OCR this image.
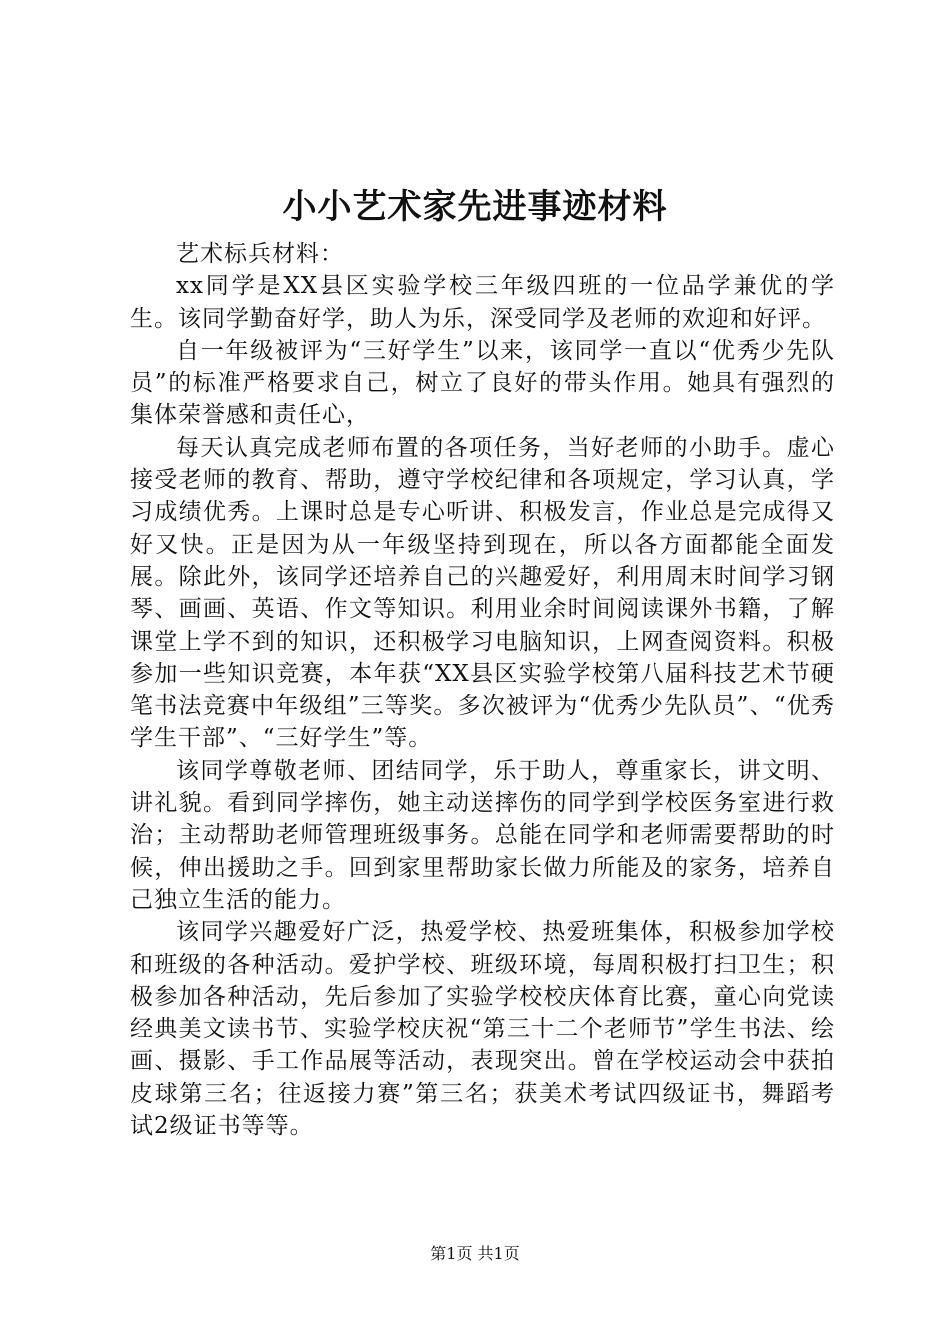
小小艺术家先进事迹材料

艺术标兵材料：

xx同学是XX县区实验学校三年级四班的一位品学兼优的学生。该同学勤奋好学，助人为乐，深受同学及老师的欢迎和好评。

自一年级被评为“三好学生”以来，该同学一直以“优秀少先队员”的标准严格要求自己，树立了良好的带头作用。她具有强烈的集体荣誉感和责任心，

每天认真完成老师布置的各项任务，当好老师的小助手。虚心接受老师的教育、帮助，遵守学校纪律和各项规定，学习认真，学习成绩优秀。上课时总是专心听讲、积极发言，作业总是完成得又好又快。正是因为从一年级坚持到现在，所以各方面都能全面发展。除此外，该同学还培养自己的兴趣爱好，利用周末时间学习钢琴、画画、英语、作文等知识。利用业余时间阅读课外书籍，了解课堂上学不到的知识，还积极学习电脑知识，上网查阅资料。积极参加一些知识竞赛，本年获“XX县区实验学校第八届科技艺术节硬笔书法竞赛中年级组”三等奖。多次被评为“优秀少先队员”、“优秀学生干部”、“三好学生”等。

该同学尊敬老师、团结同学，乐于助人，尊重家长，讲文明、讲礼貌。看到同学摔伤，她主动送摔伤的同学到学校医务室进行救治；主动帮助老师管理班级事务。总能在同学和老师需要帮助的时候，伸出援助之手。回到家里帮助家长做力所能及的家务，培养自己独立生活的能力。

该同学兴趣爱好广泛，热爱学校、热爱班集体，积极参加学校和班级的各种活动。爱护学校、班级环境，每周积极打扫卫生；积极参加各种活动，先后参加了实验学校校庆体育比赛，童心向党读经典美文读书节、实验学校庆祝“第三十二个老师节”学生书法、绘画、摄影、手工作品展等活动，表现突出。曾在学校运动会中获拍皮球第三名；往返接力赛”第三名；获美术考试四级证书，舞蹈考试2级证书等等。

第1页 共1页
